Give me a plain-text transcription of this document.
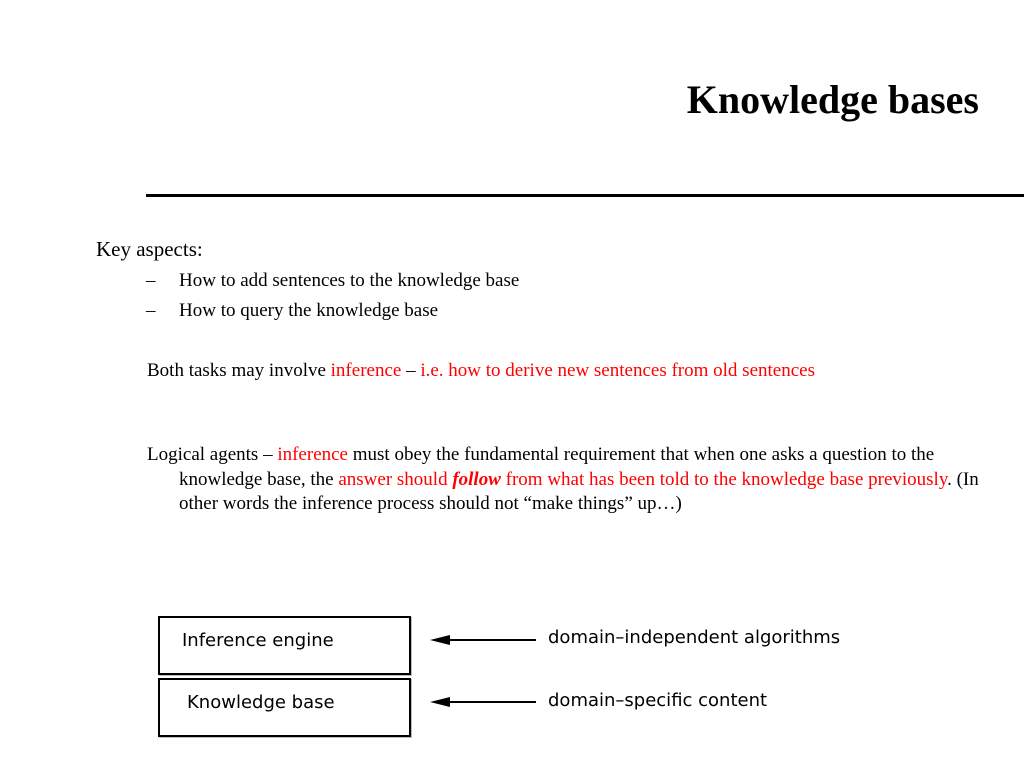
Knowledge bases
Key aspects:
– How to add sentences to the knowledge base
– How to query the knowledge base
Both tasks may involve inference – i.e. how to derive new sentences from old sentences
Logical agents – inference must obey the fundamental requirement that when one asks a question to the knowledge base, the answer should follow from what has been told to the knowledge base previously. (In other words the inference process should not “make things” up…)
Inference engine
Knowledge base
domain–independent algorithms
domain–specific content
